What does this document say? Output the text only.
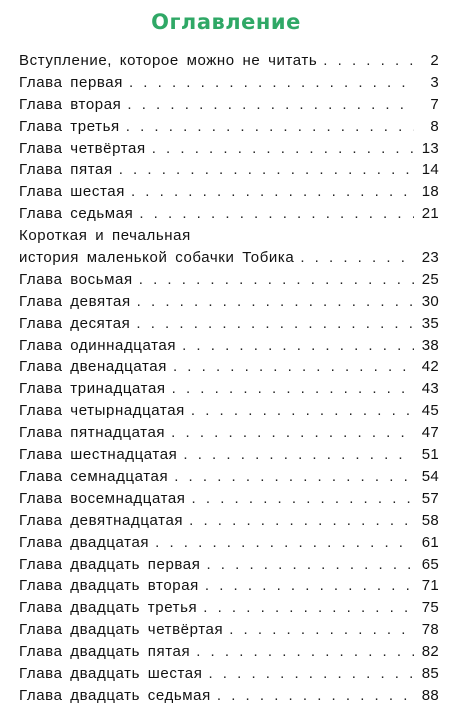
Оглавление
Вступление, которое можно не читать . . .	2
Глава первая . . .	3
Глава вторая . . .	7
Глава третья . . .	8
Глава четвёртая . . .	13
Глава пятая . . .	14
Глава шестая . . .	18
Глава седьмая . . .	21
Короткая и печальная
история маленькой собачки Тобика . . .	23
Глава восьмая . . .	25
Глава девятая . . .	30
Глава десятая . . .	35
Глава одиннадцатая . . .	38
Глава двенадцатая . . .	42
Глава тринадцатая . . .	43
Глава четырнадцатая . . .	45
Глава пятнадцатая . . .	47
Глава шестнадцатая . . .	51
Глава семнадцатая . . .	54
Глава восемнадцатая . . .	57
Глава девятнадцатая . . .	58
Глава двадцатая . . .	61
Глава двадцать первая . . .	65
Глава двадцать вторая . . .	71
Глава двадцать третья . . .	75
Глава двадцать четвёртая . . .	78
Глава двадцать пятая . . .	82
Глава двадцать шестая . . .	85
Глава двадцать седьмая . . .	88
